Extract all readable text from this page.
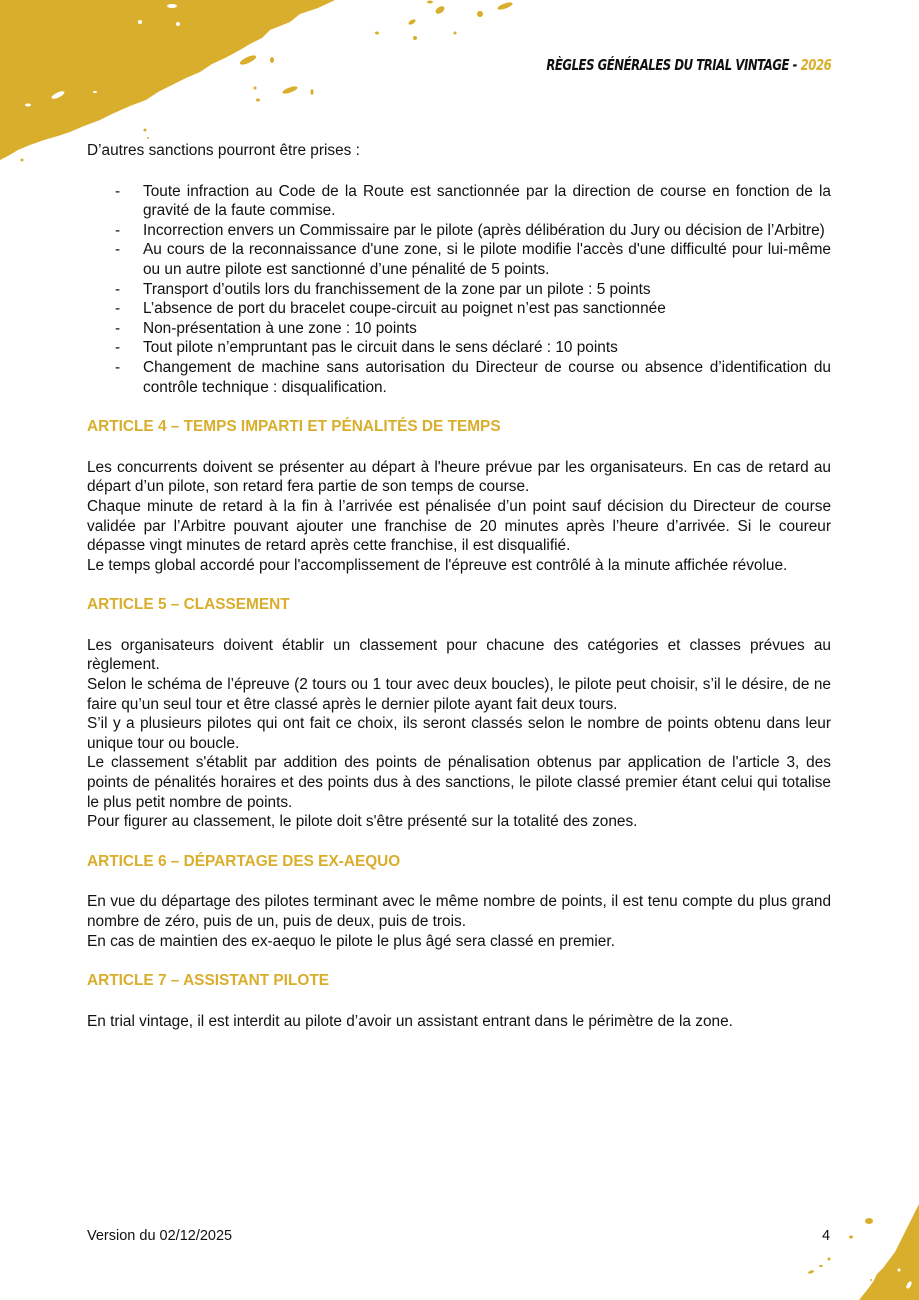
RÈGLES GÉNÉRALES DU TRIAL VINTAGE - 2026

D’autres sanctions pourront être prises :

- Toute infraction au Code de la Route est sanctionnée par la direction de course en fonction de la gravité de la faute commise.
- Incorrection envers un Commissaire par le pilote (après délibération du Jury ou décision de l’Arbitre)
- Au cours de la reconnaissance d'une zone, si le pilote modifie l'accès d'une difficulté pour lui-même ou un autre pilote est sanctionné d’une pénalité de 5 points.
- Transport d’outils lors du franchissement de la zone par un pilote : 5 points
- L’absence de port du bracelet coupe-circuit au poignet n’est pas sanctionnée
- Non-présentation à une zone : 10 points
- Tout pilote n’empruntant pas le circuit dans le sens déclaré : 10 points
- Changement de machine sans autorisation du Directeur de course ou absence d’identification du contrôle technique : disqualification.
ARTICLE 4 – TEMPS IMPARTI ET PÉNALITÉS DE TEMPS

Les concurrents doivent se présenter au départ à l'heure prévue par les organisateurs. En cas de retard au départ d’un pilote, son retard fera partie de son temps de course.

Chaque minute de retard à la fin à l’arrivée est pénalisée d’un point sauf décision du Directeur de course validée par l’Arbitre pouvant ajouter une franchise de 20 minutes après l’heure d’arrivée. Si le coureur dépasse vingt minutes de retard après cette franchise, il est disqualifié.

Le temps global accordé pour l'accomplissement de l'épreuve est contrôlé à la minute affichée révolue.

ARTICLE 5 – CLASSEMENT

Les organisateurs doivent établir un classement pour chacune des catégories et classes prévues au règlement.

Selon le schéma de l’épreuve (2 tours ou 1 tour avec deux boucles), le pilote peut choisir, s’il le désire, de ne faire qu’un seul tour et être classé après le dernier pilote ayant fait deux tours.

S’il y a plusieurs pilotes qui ont fait ce choix, ils seront classés selon le nombre de points obtenu dans leur unique tour ou boucle.

Le classement s'établit par addition des points de pénalisation obtenus par application de l'article 3, des points de pénalités horaires et des points dus à des sanctions, le pilote classé premier étant celui qui totalise le plus petit nombre de points.

Pour figurer au classement, le pilote doit s'être présenté sur la totalité des zones.

ARTICLE 6 – DÉPARTAGE DES EX-AEQUO

En vue du départage des pilotes terminant avec le même nombre de points, il est tenu compte du plus grand nombre de zéro, puis de un, puis de deux, puis de trois.

En cas de maintien des ex-aequo le pilote le plus âgé sera classé en premier.

ARTICLE 7 – ASSISTANT PILOTE

En trial vintage, il est interdit au pilote d’avoir un assistant entrant dans le périmètre de la zone.

Version du 02/12/2025	4
